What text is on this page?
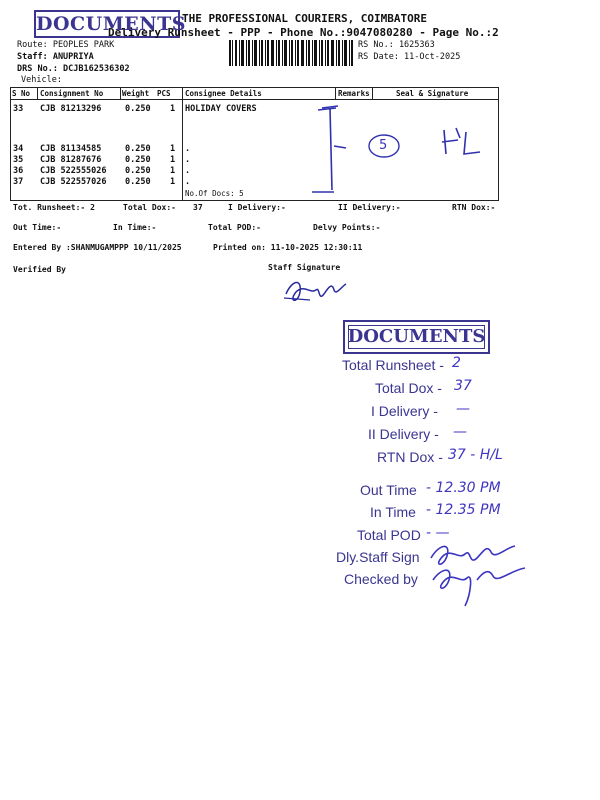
DOCUMENTS
THE PROFESSIONAL COURIERS, COIMBATORE
Delivery Runsheet - PPP - Phone No.:9047080280 - Page No.:2
Route: PEOPLES PARK
Staff: ANUPRIYA
DRS No.: DCJB162536302
Vehicle:
RS No.: 1625363
RS Date: 11-Oct-2025
S No Consignment No	Weight PCS Consignee Details	Remarks	Seal & Signature
33 CJB 81213296	0.250 1 HOLIDAY COVERS
34 CJB 81134585	0.250 1 .
35 CJB 81287676	0.250 1 .
36 CJB 522555026 0.250 1 .
37 CJB 522557026 0.250 1 .
No.Of Docs: 5
5
Tot. Runsheet:- 2	Total Dox:- 37	I Delivery:-	II Delivery:-	RTN Dox:-
Out Time:-	In Time:-	Total POD:-	Delvy Points:-
Entered By :SHANMUGAMPPP 10/11/2025	Printed on: 11-10-2025 12:30:11
Verified By	Staff Signature
DOCUMENTS
Total Runsheet - 2
Total Dox - 37
I Delivery - —
II Delivery - —
RTN Dox - 37 - H/L
Out Time - 12.30 PM
In Time - 12.35 PM
Total POD - —
Dly.Staff Sign
Checked by
